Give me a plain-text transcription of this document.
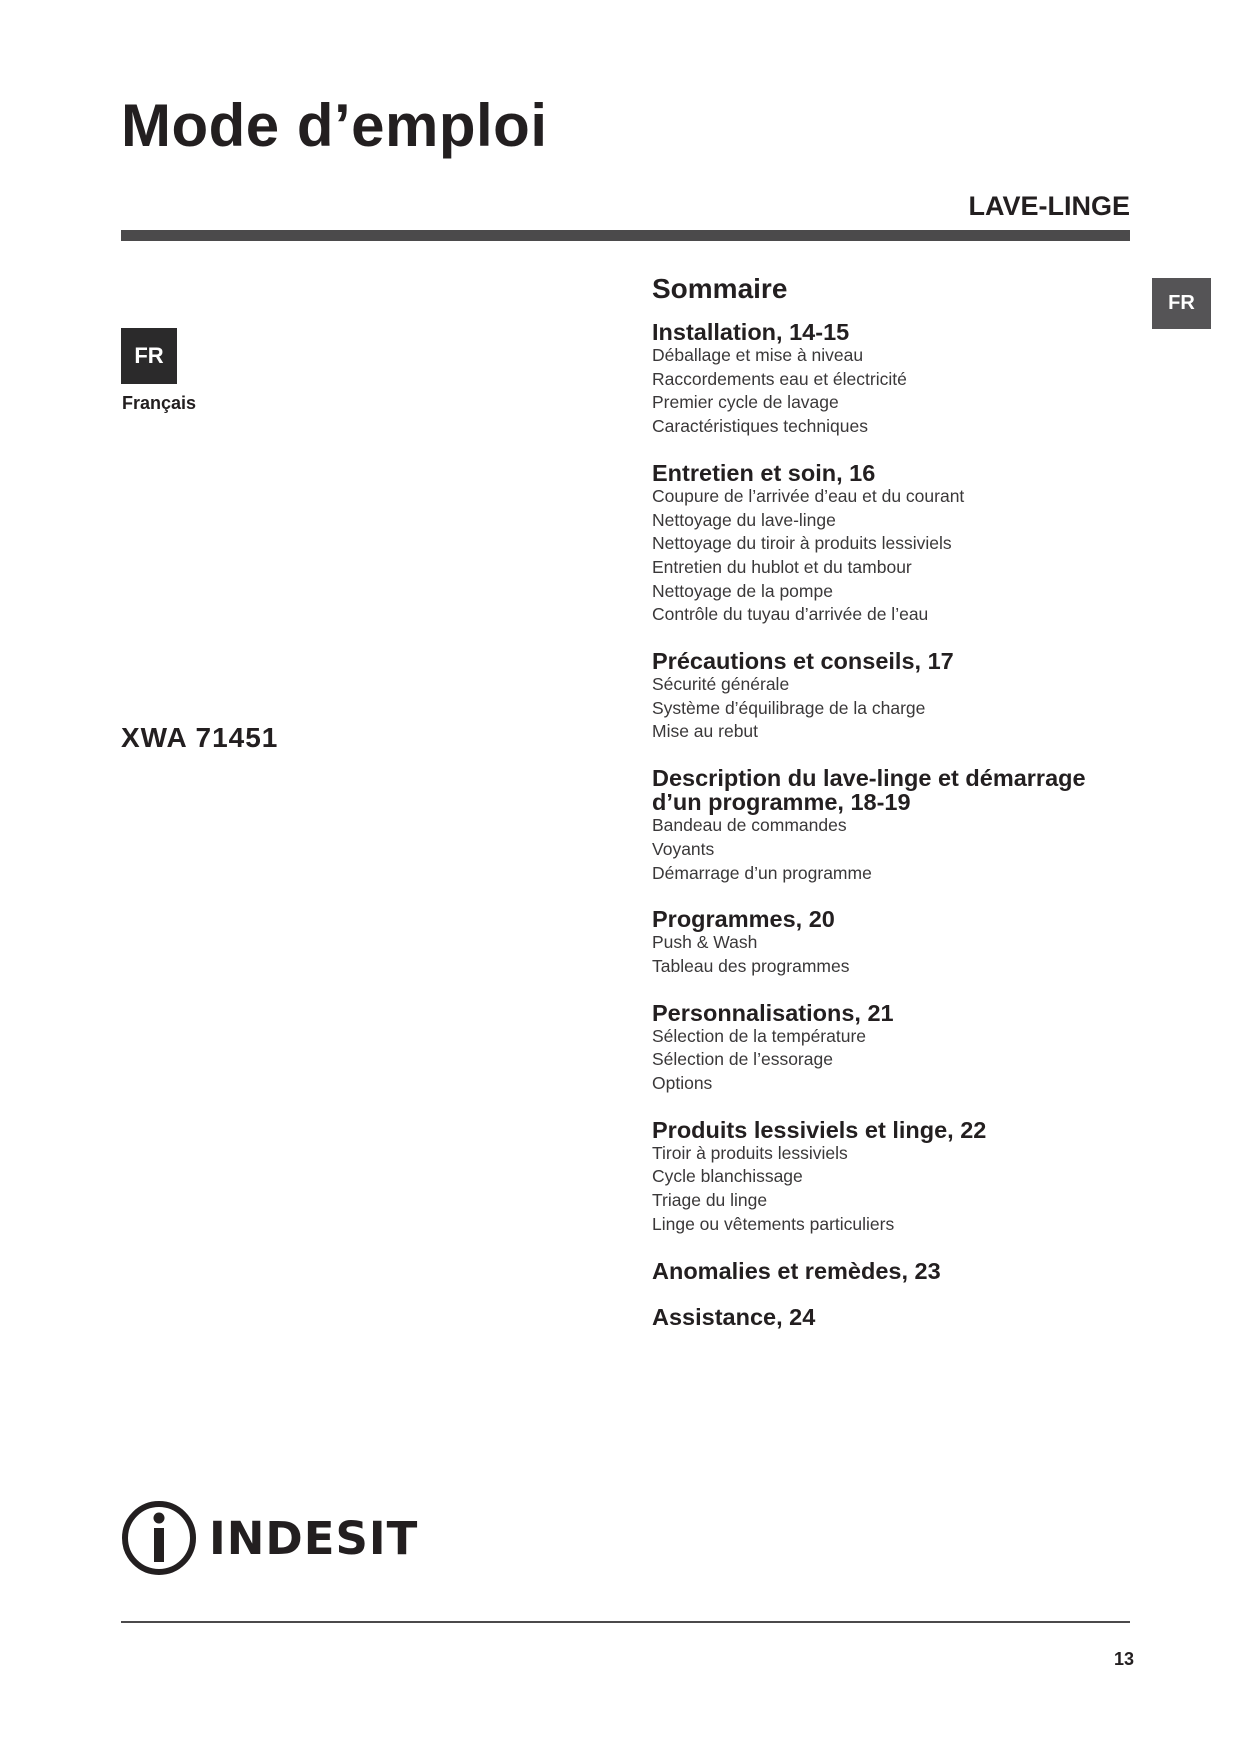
Mode d’emploi
LAVE-LINGE
FR
Français
FR
XWA 71451
Sommaire
Installation, 14-15
Déballage et mise à niveau
Raccordements eau et électricité
Premier cycle de lavage
Caractéristiques techniques
Entretien et soin, 16
Coupure de l’arrivée d’eau et du courant
Nettoyage du lave-linge
Nettoyage du tiroir à produits lessiviels
Entretien du hublot et du tambour
Nettoyage de la pompe
Contrôle du tuyau d’arrivée de l’eau
Précautions et conseils, 17
Sécurité générale
Système d’équilibrage de la charge
Mise au rebut
Description du lave-linge et démarrage d’un programme, 18-19
Bandeau de commandes
Voyants
Démarrage d’un programme
Programmes, 20
Push & Wash
Tableau des programmes
Personnalisations, 21
Sélection de la température
Sélection de l’essorage
Options
Produits lessiviels et linge, 22
Tiroir à produits lessiviels
Cycle blanchissage
Triage du linge
Linge ou vêtements particuliers
Anomalies et remèdes, 23
Assistance, 24
INDESIT
13
